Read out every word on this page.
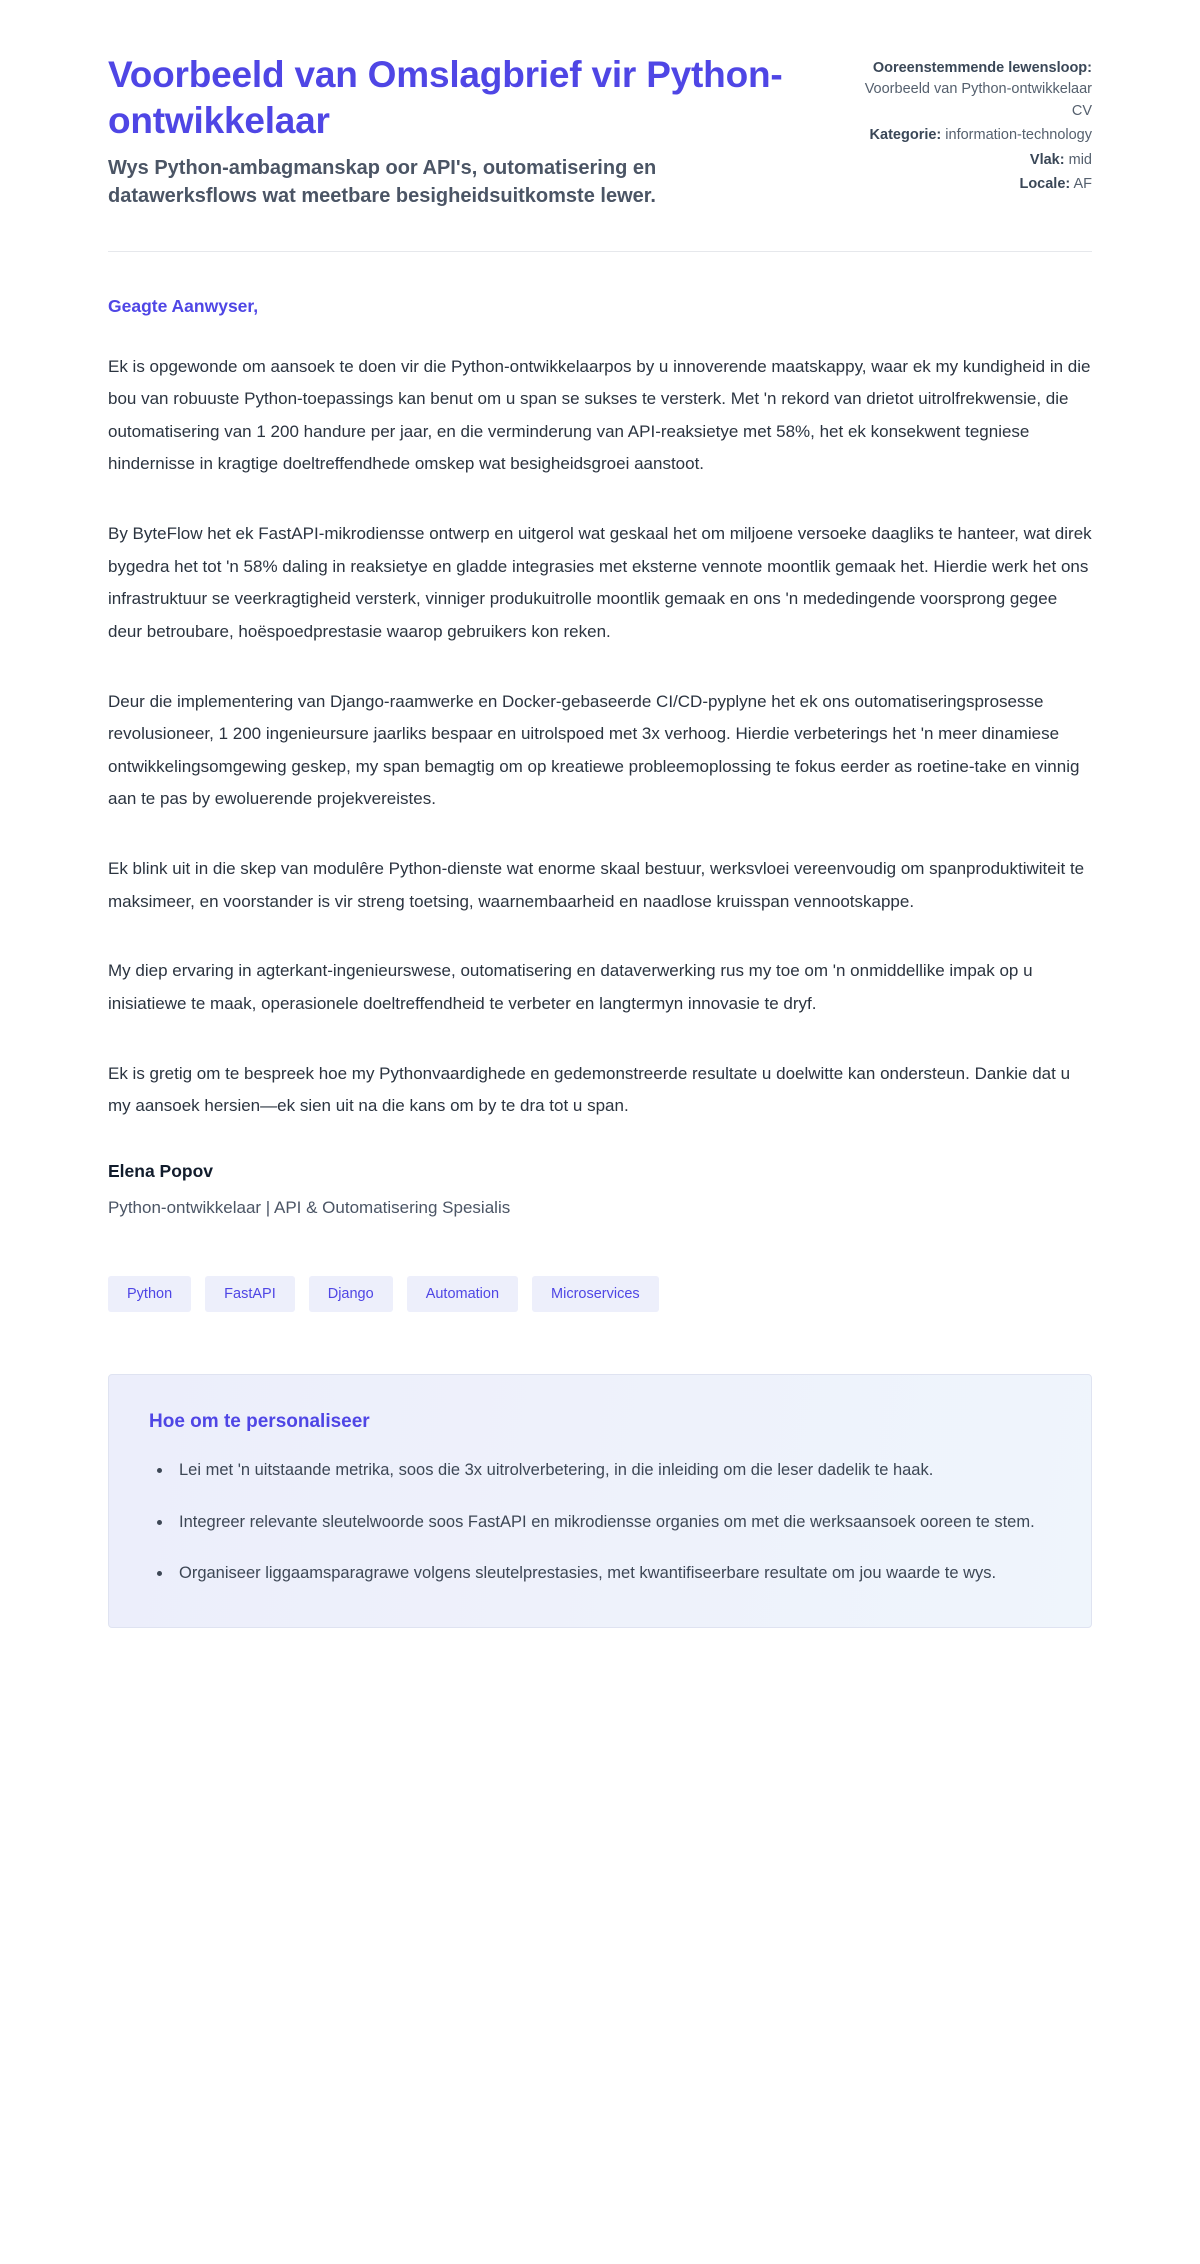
Voorbeeld van Omslagbrief vir Python-ontwikkelaar

Wys Python-ambagmanskap oor API's, outomatisering en datawerksflows wat meetbare besigheidsuitkomste lewer.

Ooreenstemmende lewensloop: Voorbeeld van Python-ontwikkelaar CV
Kategorie: information-technology
Vlak: mid
Locale: AF

Geagte Aanwyser,

Ek is opgewonde om aansoek te doen vir die Python-ontwikkelaarpos by u innoverende maatskappy, waar ek my kundigheid in die bou van robuuste Python-toepassings kan benut om u span se sukses te versterk. Met 'n rekord van drietot uitrolfrekwensie, die outomatisering van 1 200 handure per jaar, en die verminderung van API-reaksietye met 58%, het ek konsekwent tegniese hindernisse in kragtige doeltreffendhede omskep wat besigheidsgroei aanstoot.

By ByteFlow het ek FastAPI-mikrodiensse ontwerp en uitgerol wat geskaal het om miljoene versoeke daagliks te hanteer, wat direk bygedra het tot 'n 58% daling in reaksietye en gladde integrasies met eksterne vennote moontlik gemaak het. Hierdie werk het ons infrastruktuur se veerkragtigheid versterk, vinniger produkuitrolle moontlik gemaak en ons 'n mededingende voorsprong gegee deur betroubare, hoëspoedprestasie waarop gebruikers kon reken.

Deur die implementering van Django-raamwerke en Docker-gebaseerde CI/CD-pyplyne het ek ons outomatiseringsprosesse revolusioneer, 1 200 ingenieursure jaarliks bespaar en uitrolspoed met 3x verhoog. Hierdie verbeterings het 'n meer dinamiese ontwikkelingsomgewing geskep, my span bemagtig om op kreatiewe probleemoplossing te fokus eerder as roetine-take en vinnig aan te pas by ewoluerende projekvereistes.

Ek blink uit in die skep van modulêre Python-dienste wat enorme skaal bestuur, werksvloei vereenvoudig om spanproduktiwiteit te maksimeer, en voorstander is vir streng toetsing, waarnembaarheid en naadlose kruisspan vennootskappe.

My diep ervaring in agterkant-ingenieurswese, outomatisering en dataverwerking rus my toe om 'n onmiddellike impak op u inisiatiewe te maak, operasionele doeltreffendheid te verbeter en langtermyn innovasie te dryf.

Ek is gretig om te bespreek hoe my Pythonvaardighede en gedemonstreerde resultate u doelwitte kan ondersteun. Dankie dat u my aansoek hersien—ek sien uit na die kans om by te dra tot u span.

Elena Popov

Python-ontwikkelaar | API & Outomatisering Spesialis

Python	FastAPI	Django	Automation	Microservices
Hoe om te personaliseer
Lei met 'n uitstaande metrika, soos die 3x uitrolverbetering, in die inleiding om die leser dadelik te haak.
Integreer relevante sleutelwoorde soos FastAPI en mikrodiensse organies om met die werksaansoek ooreen te stem.
Organiseer liggaamsparagrawe volgens sleutelprestasies, met kwantifiseerbare resultate om jou waarde te wys.
